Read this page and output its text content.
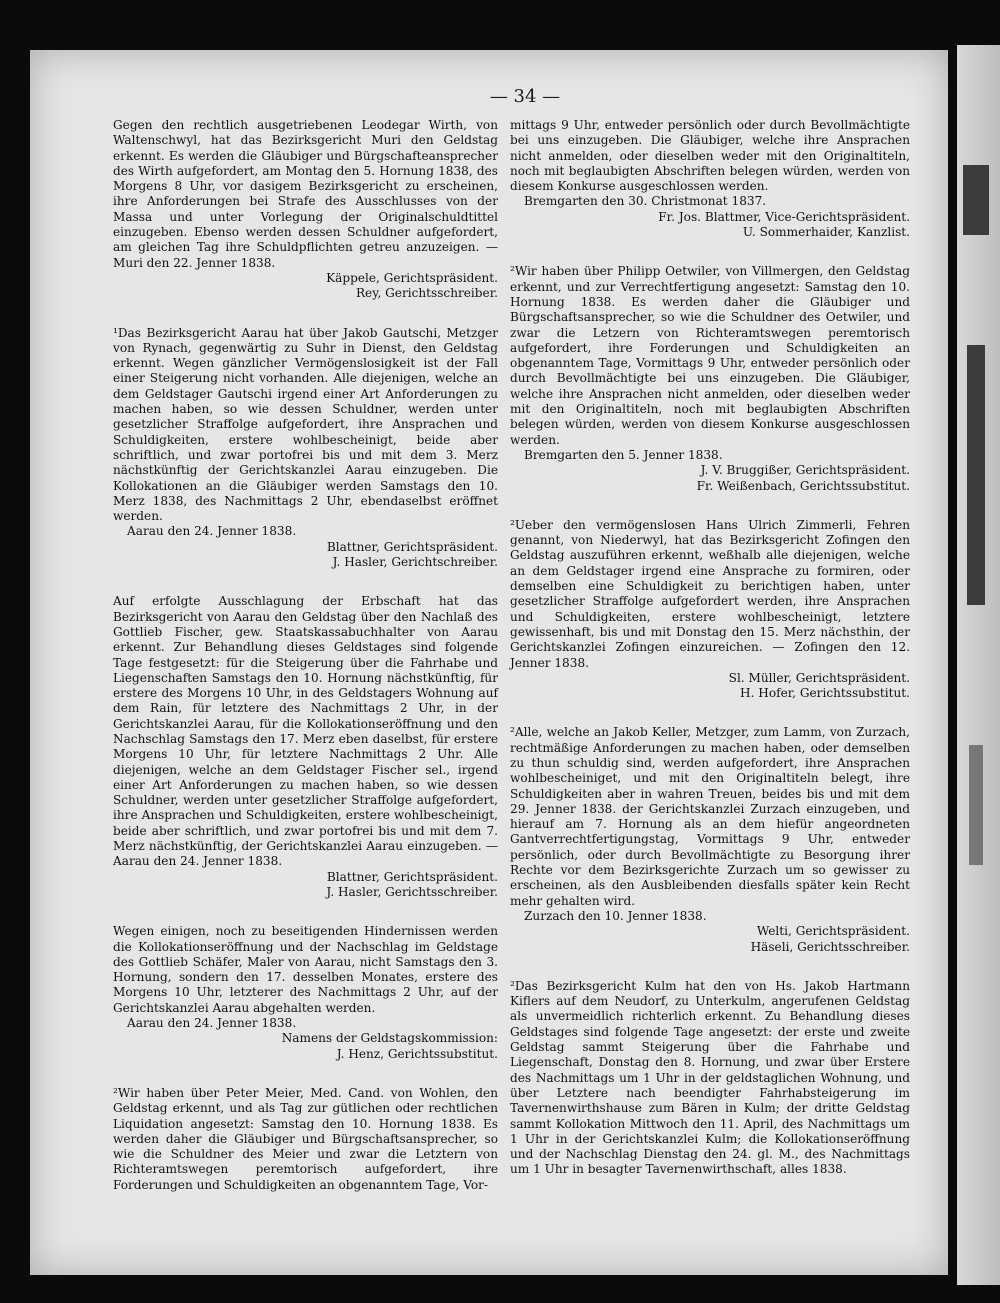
— 34 —

Gegen den rechtlich ausgetriebenen Leodegar Wirth, von Waltenschwyl, hat das Bezirksgericht Muri den Geldstag erkennt. Es werden die Gläubiger und Bürgschafteansprecher des Wirth aufgefordert, am Montag den 5. Hornung 1838, des Morgens 8 Uhr, vor dasigem Bezirksgericht zu erscheinen, ihre Anforderungen bei Strafe des Ausschlusses von der Massa und unter Vorlegung der Originalschuldtittel einzugeben. Ebenso werden dessen Schuldner aufgefordert, am gleichen Tag ihre Schuldpflichten getreu anzuzeigen. — Muri den 22. Jenner 1838.

Käppele, Gerichtspräsident.

Rey, Gerichtsschreiber.

¹Das Bezirksgericht Aarau hat über Jakob Gautschi, Metzger von Rynach, gegenwärtig zu Suhr in Dienst, den Geldstag erkennt. Wegen gänzlicher Vermögenslosigkeit ist der Fall einer Steigerung nicht vorhanden. Alle diejenigen, welche an dem Geldstager Gautschi irgend einer Art Anforderungen zu machen haben, so wie dessen Schuldner, werden unter gesetzlicher Straffolge aufgefordert, ihre Ansprachen und Schuldigkeiten, erstere wohlbescheinigt, beide aber schriftlich, und zwar portofrei bis und mit dem 3. Merz nächstkünftig der Gerichtskanzlei Aarau einzugeben. Die Kollokationen an die Gläubiger werden Samstags den 10. Merz 1838, des Nachmittags 2 Uhr, ebendaselbst eröffnet werden.

Aarau den 24. Jenner 1838.

Blattner, Gerichtspräsident.

J. Hasler, Gerichtschreiber.

Auf erfolgte Ausschlagung der Erbschaft hat das Bezirksgericht von Aarau den Geldstag über den Nachlaß des Gottlieb Fischer, gew. Staatskassabuchhalter von Aarau erkennt. Zur Behandlung dieses Geldstages sind folgende Tage festgesetzt: für die Steigerung über die Fahrhabe und Liegenschaften Samstags den 10. Hornung nächstkünftig, für erstere des Morgens 10 Uhr, in des Geldstagers Wohnung auf dem Rain, für letztere des Nachmittags 2 Uhr, in der Gerichtskanzlei Aarau, für die Kollokationseröffnung und den Nachschlag Samstags den 17. Merz eben daselbst, für erstere Morgens 10 Uhr, für letztere Nachmittags 2 Uhr. Alle diejenigen, welche an dem Geldstager Fischer sel., irgend einer Art Anforderungen zu machen haben, so wie dessen Schuldner, werden unter gesetzlicher Straffolge aufgefordert, ihre Ansprachen und Schuldigkeiten, erstere wohlbescheinigt, beide aber schriftlich, und zwar portofrei bis und mit dem 7. Merz nächstkünftig, der Gerichtskanzlei Aarau einzugeben. — Aarau den 24. Jenner 1838.

Blattner, Gerichtspräsident.

J. Hasler, Gerichtsschreiber.

Wegen einigen, noch zu beseitigenden Hindernissen werden die Kollokationseröffnung und der Nachschlag im Geldstage des Gottlieb Schäfer, Maler von Aarau, nicht Samstags den 3. Hornung, sondern den 17. desselben Monates, erstere des Morgens 10 Uhr, letzterer des Nachmittags 2 Uhr, auf der Gerichtskanzlei Aarau abgehalten werden.

Aarau den 24. Jenner 1838.

Namens der Geldstagskommission:

J. Henz, Gerichtssubstitut.

²Wir haben über Peter Meier, Med. Cand. von Wohlen, den Geldstag erkennt, und als Tag zur gütlichen oder rechtlichen Liquidation angesetzt: Samstag den 10. Hornung 1838. Es werden daher die Gläubiger und Bürgschaftsansprecher, so wie die Schuldner des Meier und zwar die Letztern von Richteramtswegen peremtorisch aufgefordert, ihre Forderungen und Schuldigkeiten an obgenanntem Tage, Vor-

mittags 9 Uhr, entweder persönlich oder durch Bevollmächtigte bei uns einzugeben. Die Gläubiger, welche ihre Ansprachen nicht anmelden, oder dieselben weder mit den Originaltiteln, noch mit beglaubigten Abschriften belegen würden, werden von diesem Konkurse ausgeschlossen werden.

Bremgarten den 30. Christmonat 1837.

Fr. Jos. Blattmer, Vice-Gerichtspräsident.

U. Sommerhaider, Kanzlist.

²Wir haben über Philipp Oetwiler, von Villmergen, den Geldstag erkennt, und zur Verrechtfertigung angesetzt: Samstag den 10. Hornung 1838. Es werden daher die Gläubiger und Bürgschaftsansprecher, so wie die Schuldner des Oetwiler, und zwar die Letzern von Richteramtswegen peremtorisch aufgefordert, ihre Forderungen und Schuldigkeiten an obgenanntem Tage, Vormittags 9 Uhr, entweder persönlich oder durch Bevollmächtigte bei uns einzugeben. Die Gläubiger, welche ihre Ansprachen nicht anmelden, oder dieselben weder mit den Originaltiteln, noch mit beglaubigten Abschriften belegen würden, werden von diesem Konkurse ausgeschlossen werden.

Bremgarten den 5. Jenner 1838.

J. V. Bruggißer, Gerichtspräsident.

Fr. Weißenbach, Gerichtssubstitut.

²Ueber den vermögenslosen Hans Ulrich Zimmerli, Fehren genannt, von Niederwyl, hat das Bezirksgericht Zofingen den Geldstag auszuführen erkennt, weßhalb alle diejenigen, welche an dem Geldstager irgend eine Ansprache zu formiren, oder demselben eine Schuldigkeit zu berichtigen haben, unter gesetzlicher Straffolge aufgefordert werden, ihre Ansprachen und Schuldigkeiten, erstere wohlbescheinigt, letztere gewissenhaft, bis und mit Donstag den 15. Merz nächsthin, der Gerichtskanzlei Zofingen einzureichen. — Zofingen den 12. Jenner 1838.

Sl. Müller, Gerichtspräsident.

H. Hofer, Gerichtssubstitut.

²Alle, welche an Jakob Keller, Metzger, zum Lamm, von Zurzach, rechtmäßige Anforderungen zu machen haben, oder demselben zu thun schuldig sind, werden aufgefordert, ihre Ansprachen wohlbescheiniget, und mit den Originaltiteln belegt, ihre Schuldigkeiten aber in wahren Treuen, beides bis und mit dem 29. Jenner 1838. der Gerichtskanzlei Zurzach einzugeben, und hierauf am 7. Hornung als an dem hiefür angeordneten Gantverrechtfertigungstag, Vormittags 9 Uhr, entweder persönlich, oder durch Bevollmächtigte zu Besorgung ihrer Rechte vor dem Bezirksgerichte Zurzach um so gewisser zu erscheinen, als den Ausbleibenden diesfalls später kein Recht mehr gehalten wird.

Zurzach den 10. Jenner 1838.

Welti, Gerichtspräsident.

Häseli, Gerichtsschreiber.

²Das Bezirksgericht Kulm hat den von Hs. Jakob Hartmann Kiflers auf dem Neudorf, zu Unterkulm, angerufenen Geldstag als unvermeidlich richterlich erkennt. Zu Behandlung dieses Geldstages sind folgende Tage angesetzt: der erste und zweite Geldstag sammt Steigerung über die Fahrhabe und Liegenschaft, Donstag den 8. Hornung, und zwar über Erstere des Nachmittags um 1 Uhr in der geldstaglichen Wohnung, und über Letztere nach beendigter Fahrhabsteigerung im Tavernenwirthshause zum Bären in Kulm; der dritte Geldstag sammt Kollokation Mittwoch den 11. April, des Nachmittags um 1 Uhr in der Gerichtskanzlei Kulm; die Kollokationseröffnung und der Nachschlag Dienstag den 24. gl. M., des Nachmittags um 1 Uhr in besagter Tavernenwirthschaft, alles 1838.
